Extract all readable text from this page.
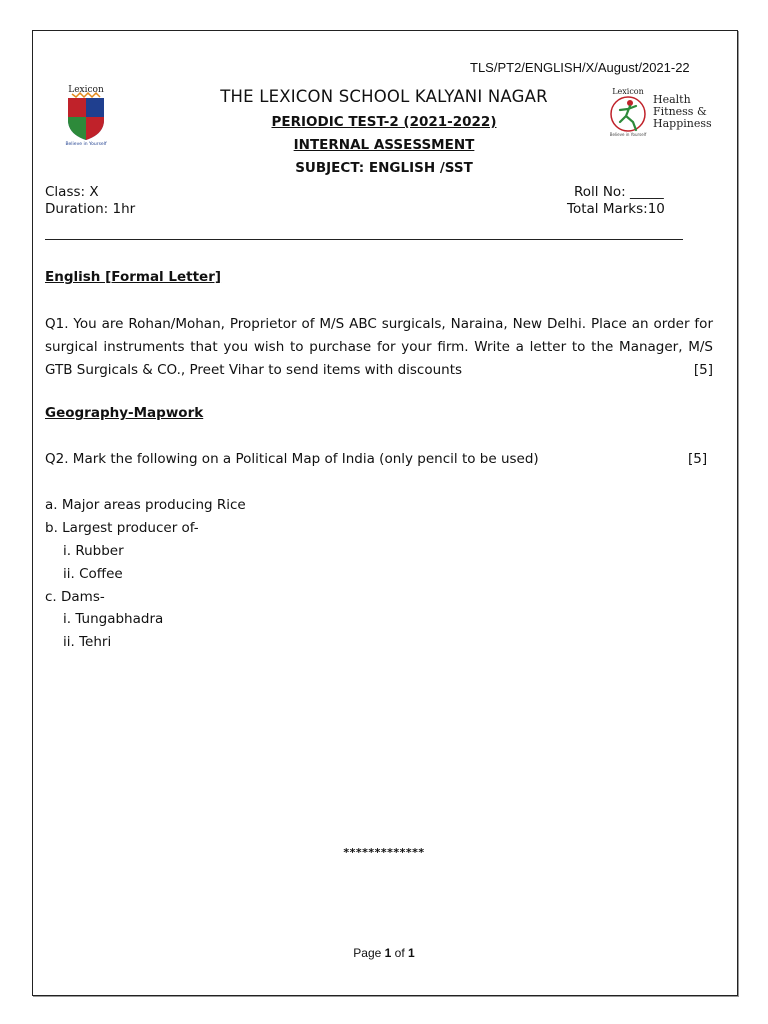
TLS/PT2/ENGLISH/X/August/2021-22
Lexicon
Believe in Yourself
Lexicon
Believe in Yourself
Health
Fitness &
Happiness
THE LEXICON SCHOOL KALYANI NAGAR
PERIODIC TEST-2 (2021-2022)
INTERNAL ASSESSMENT
SUBJECT: ENGLISH /SST
Class: X
Duration: 1hr
Roll No: _____
Total Marks:10
English [Formal Letter]
Q1. You are Rohan/Mohan, Proprietor of M/S ABC surgicals, Naraina, New Delhi. Place an order for surgical instruments that you wish to purchase for your firm. Write a letter to the Manager, M/S GTB Surgicals & CO., Preet Vihar to send items with discounts	[5]
Geography-Mapwork
Q2. Mark the following on a Political Map of India (only pencil to be used)	[5]
a. Major areas producing Rice
b. Largest producer of-
i. Rubber
ii. Coffee
c. Dams-
i. Tungabhadra
ii. Tehri
*************
Page 1 of 1
